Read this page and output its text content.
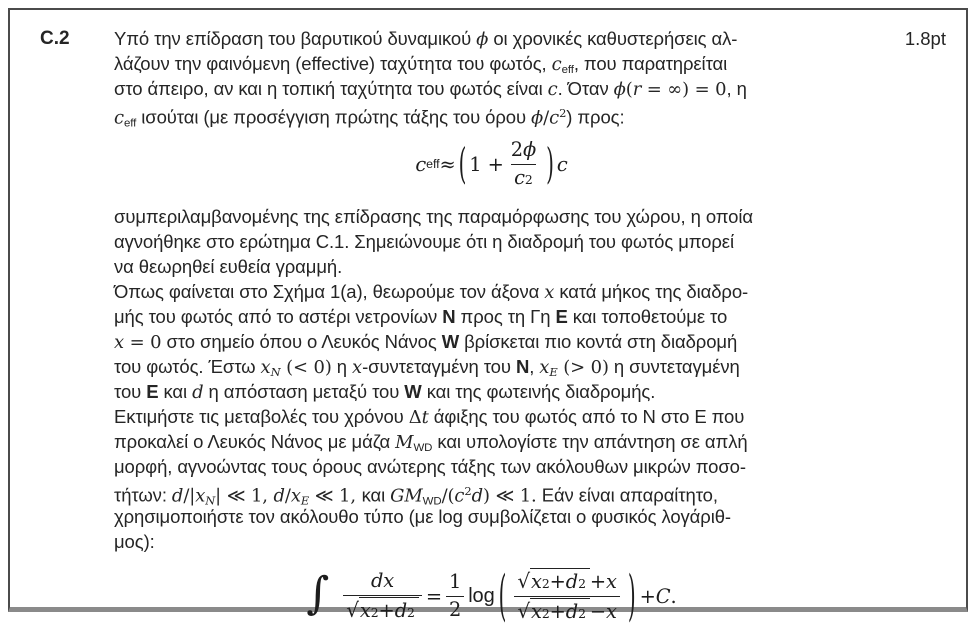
C.2	Υπό την επίδραση του βαρυτικού δυναμικού ϕ οι χρονικές καθυστερήσεις αλ-
λάζουν την φαινόμενη (effective) ταχύτητα του φωτός, ceff, που παρατηρείται
στο άπειρο, αν και η τοπική ταχύτητα του φωτός είναι c. Όταν ϕ(r = ∞) = 0, η
ceff ισούται (με προσέγγιση πρώτης τάξης του όρου $\phi/c^2$) προς:
c eff ≈ ( $1 + \frac{2 \phi}{c 2}$ ) c
συμπεριλαμβανομένης της επίδρασης της παραμόρφωσης του χώρου, η οποία
αγνοήθηκε στο ερώτημα C.1. Σημειώνουμε ότι η διαδρομή του φωτός μπορεί
να θεωρηθεί ευθεία γραμμή.
Όπως φαίνεται στο Σχήμα 1(a), θεωρούμε τον άξονα x κατά μήκος της διαδρο-
μής του φωτός από το αστέρι νετρονίων N προς τη Γη E και τοποθετούμε το
x = 0 στο σημείο όπου ο Λευκός Νάνος W βρίσκεται πιο κοντά στη διαδρομή
του φωτός. Έστω $x_N$ (< 0) η x-συντεταγμένη του N, $x_E$ (> 0) η συντεταγμένη
του E και d η απόσταση μεταξύ του W και της φωτεινής διαδρομής.
Εκτιμήστε τις μεταβολές του χρόνου Δt άφιξης του φωτός από το N στο E που
προκαλεί ο Λευκός Νάνος με μάζα MWD και υπολογίστε την απάντηση σε απλή
μορφή, αγνοώντας τους όρους ανώτερης τάξης των ακόλουθων μικρών ποσο-
τήτων: $d/|x_N|$ ≪ 1, $d/x_E$ ≪ 1, και GMWD/$(c^2d)$ ≪ 1. Εάν είναι απαραίτητο,
χρησιμοποιήστε τον ακόλουθο τύπο (με log συμβολίζεται ο φυσικός λογάριθ-
μος):
∫ $\frac{dx}{√ x 2 + d 2} = \frac{1}{2}$ log ( $\frac{√ x 2 + d 2 + x}{√ x 2 + d 2 - x}$ ) + C .
1.8pt
